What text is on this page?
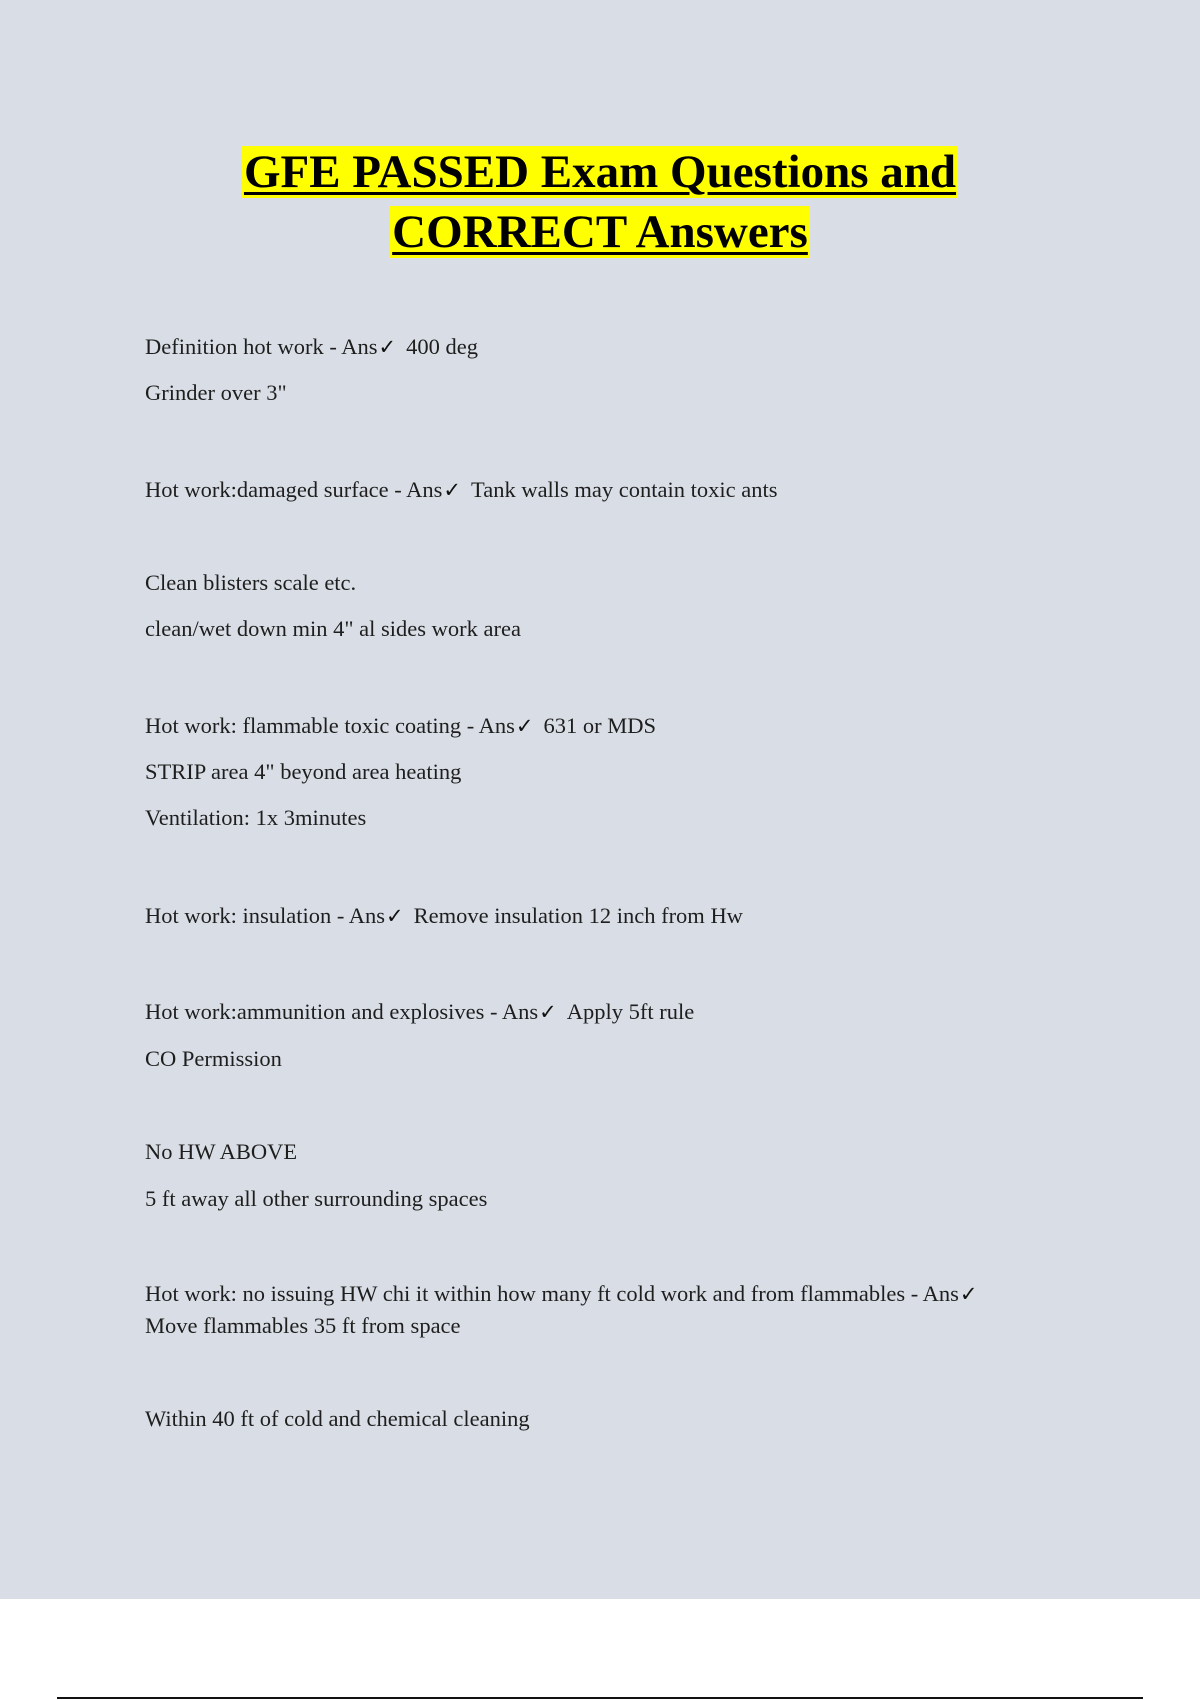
GFE PASSED Exam Questions and
CORRECT Answers
Definition hot work - Ans✓ 400 deg
Grinder over 3"
Hot work:damaged surface - Ans✓ Tank walls may contain toxic ants
Clean blisters scale etc.
clean/wet down min 4" al sides work area
Hot work: flammable toxic coating - Ans✓ 631 or MDS
STRIP area 4" beyond area heating
Ventilation: 1x 3minutes
Hot work: insulation - Ans✓ Remove insulation 12 inch from Hw
Hot work:ammunition and explosives - Ans✓ Apply 5ft rule
CO Permission
No HW ABOVE
5 ft away all other surrounding spaces
Hot work: no issuing HW chi it within how many ft cold work and from flammables - Ans✓
Move flammables 35 ft from space
Within 40 ft of cold and chemical cleaning
